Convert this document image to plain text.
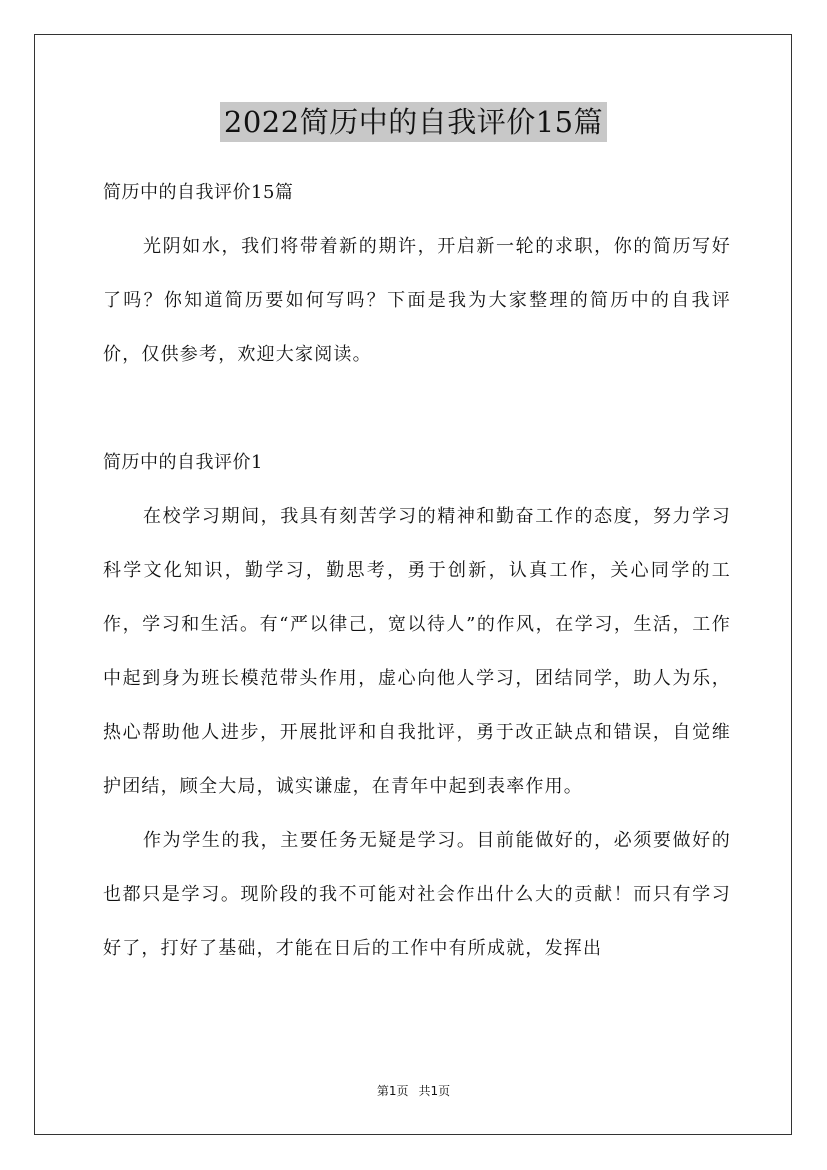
2022简历中的自我评价15篇

简历中的自我评价15篇

光阴如水，我们将带着新的期许，开启新一轮的求职，你的简历写好了吗？你知道简历要如何写吗？下面是我为大家整理的简历中的自我评价，仅供参考，欢迎大家阅读。

简历中的自我评价1

在校学习期间，我具有刻苦学习的精神和勤奋工作的态度，努力学习科学文化知识，勤学习，勤思考，勇于创新，认真工作，关心同学的工作，学习和生活。有“严以律己，宽以待人”的作风，在学习，生活，工作中起到身为班长模范带头作用，虚心向他人学习，团结同学，助人为乐，热心帮助他人进步，开展批评和自我批评，勇于改正缺点和错误，自觉维护团结，顾全大局，诚实谦虚，在青年中起到表率作用。

作为学生的我，主要任务无疑是学习。目前能做好的，必须要做好的也都只是学习。现阶段的我不可能对社会作出什么大的贡献！而只有学习好了，打好了基础，才能在日后的工作中有所成就，发挥出

第1页 共1页
